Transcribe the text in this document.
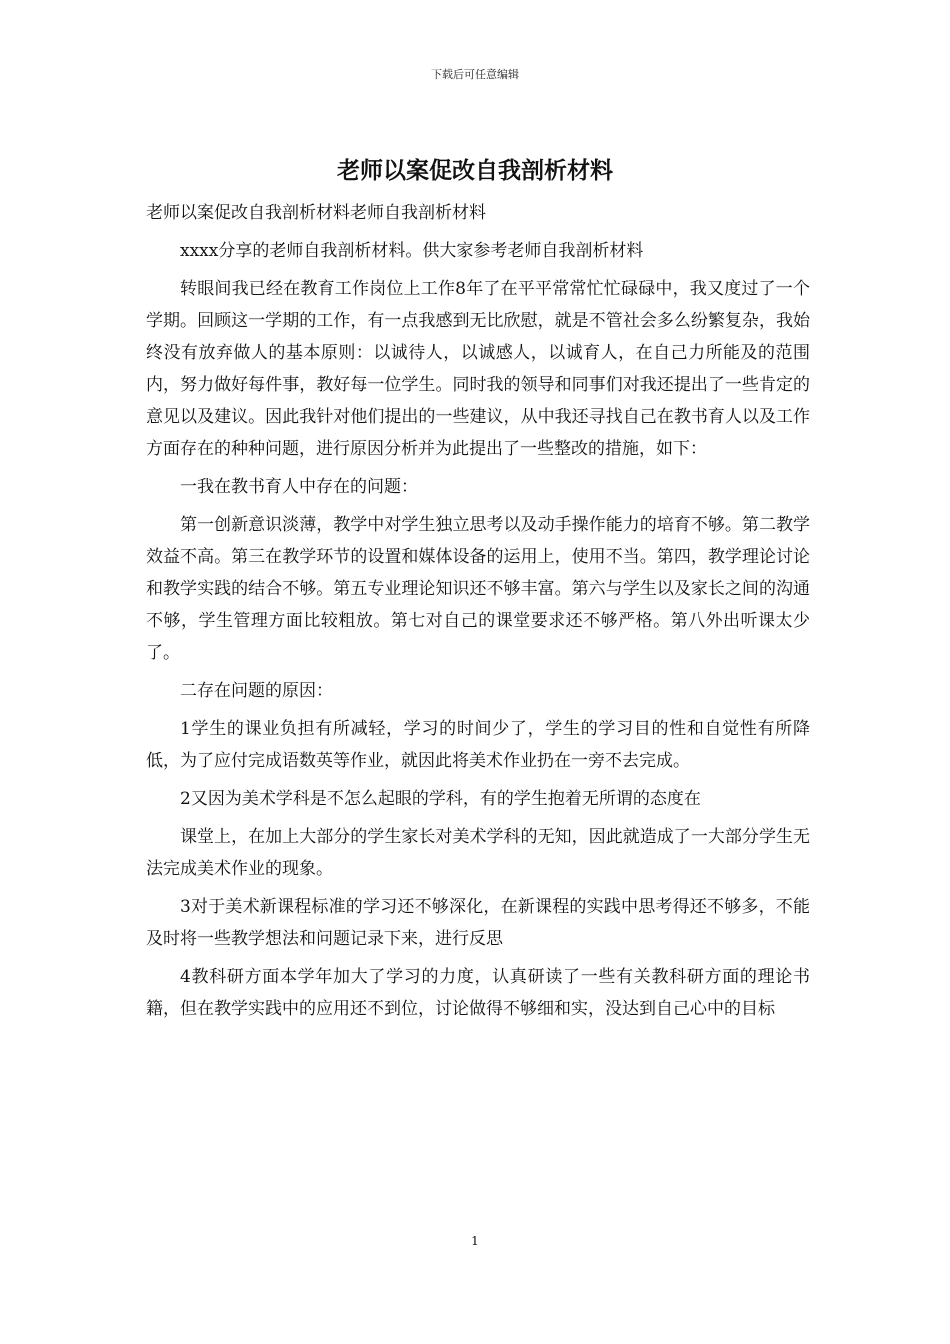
下载后可任意编辑
老师以案促改自我剖析材料

老师以案促改自我剖析材料老师自我剖析材料

xxxx分享的老师自我剖析材料。供大家参考老师自我剖析材料

转眼间我已经在教育工作岗位上工作8年了在平平常常忙忙碌碌中，我又度过了一个学期。回顾这一学期的工作，有一点我感到无比欣慰，就是不管社会多么纷繁复杂，我始终没有放弃做人的基本原则：以诚待人，以诚感人，以诚育人，在自己力所能及的范围内，努力做好每件事，教好每一位学生。同时我的领导和同事们对我还提出了一些肯定的意见以及建议。因此我针对他们提出的一些建议，从中我还寻找自己在教书育人以及工作方面存在的种种问题，进行原因分析并为此提出了一些整改的措施，如下：

一我在教书育人中存在的问题：

第一创新意识淡薄，教学中对学生独立思考以及动手操作能力的培育不够。第二教学效益不高。第三在教学环节的设置和媒体设备的运用上，使用不当。第四，教学理论讨论和教学实践的结合不够。第五专业理论知识还不够丰富。第六与学生以及家长之间的沟通不够，学生管理方面比较粗放。第七对自己的课堂要求还不够严格。第八外出听课太少了。

二存在问题的原因：

1学生的课业负担有所减轻，学习的时间少了，学生的学习目的性和自觉性有所降低，为了应付完成语数英等作业，就因此将美术作业扔在一旁不去完成。

2又因为美术学科是不怎么起眼的学科，有的学生抱着无所谓的态度在

课堂上，在加上大部分的学生家长对美术学科的无知，因此就造成了一大部分学生无法完成美术作业的现象。

3对于美术新课程标准的学习还不够深化，在新课程的实践中思考得还不够多，不能及时将一些教学想法和问题记录下来，进行反思

4教科研方面本学年加大了学习的力度，认真研读了一些有关教科研方面的理论书籍，但在教学实践中的应用还不到位，讨论做得不够细和实，没达到自己心中的目标

1
